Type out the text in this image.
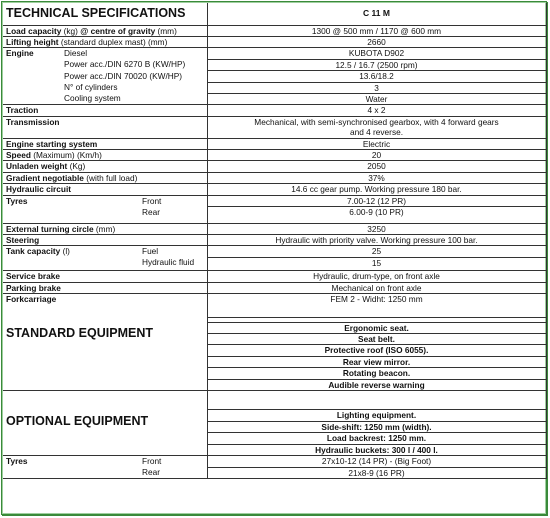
TECHNICAL SPECIFICATIONS			C 11 M
Load capacity (kg) @ centre of gravity (mm)			1300 @ 500 mm / 1170 @ 600 mm
Lifting height (standard duplex mast) (mm)			2660
Engine	Diesel		KUBOTA D902
	Power acc./DIN 6270 B (KW/HP)		12.5 / 16.7 (2500 rpm)
	Power acc./DIN 70020 (KW/HP)		13.6/18.2
	N° of cylinders		3
	Cooling system		Water
Traction			4 x 2
Transmission			Mechanical, with semi-synchronised gearbox, with 4 forward gears
and 4 reverse.

Engine starting system			Electric
Speed (Maximum) (Km/h)			20
Unladen weight (Kg)			2050
Gradient negotiable (with full load)			37%
Hydraulic circuit			14.6 cc gear pump. Working pressure 180 bar.
Tyres		Front	7.00-12 (12 PR)
		Rear	6.00-9 (10 PR)
External turning circle (mm)			3250
Steering			Hydraulic with priority valve. Working pressure 100 bar.
Tank capacity (l)		Fuel	25
		Hydraulic fluid	15
Service brake			Hydraulic, drum-type, on front axle
Parking brake			Mechanical on front axle
Forkcarriage			FEM 2 - Widht: 1250 mm

STANDARD EQUIPMENT			Ergonomic seat.
			Seat belt.
			Protective roof (ISO 6055).
			Rear view mirror.
			Rotating beacon.
			Audible reverse warning

OPTIONAL EQUIPMENT			Lighting equipment.
			Side-shift: 1250 mm (width).
			Load backrest: 1250 mm.
			Hydraulic buckets: 300 l / 400 l.
Tyres		Front	27x10-12 (14 PR) - (Big Foot)
		Rear	21x8-9 (16 PR)
